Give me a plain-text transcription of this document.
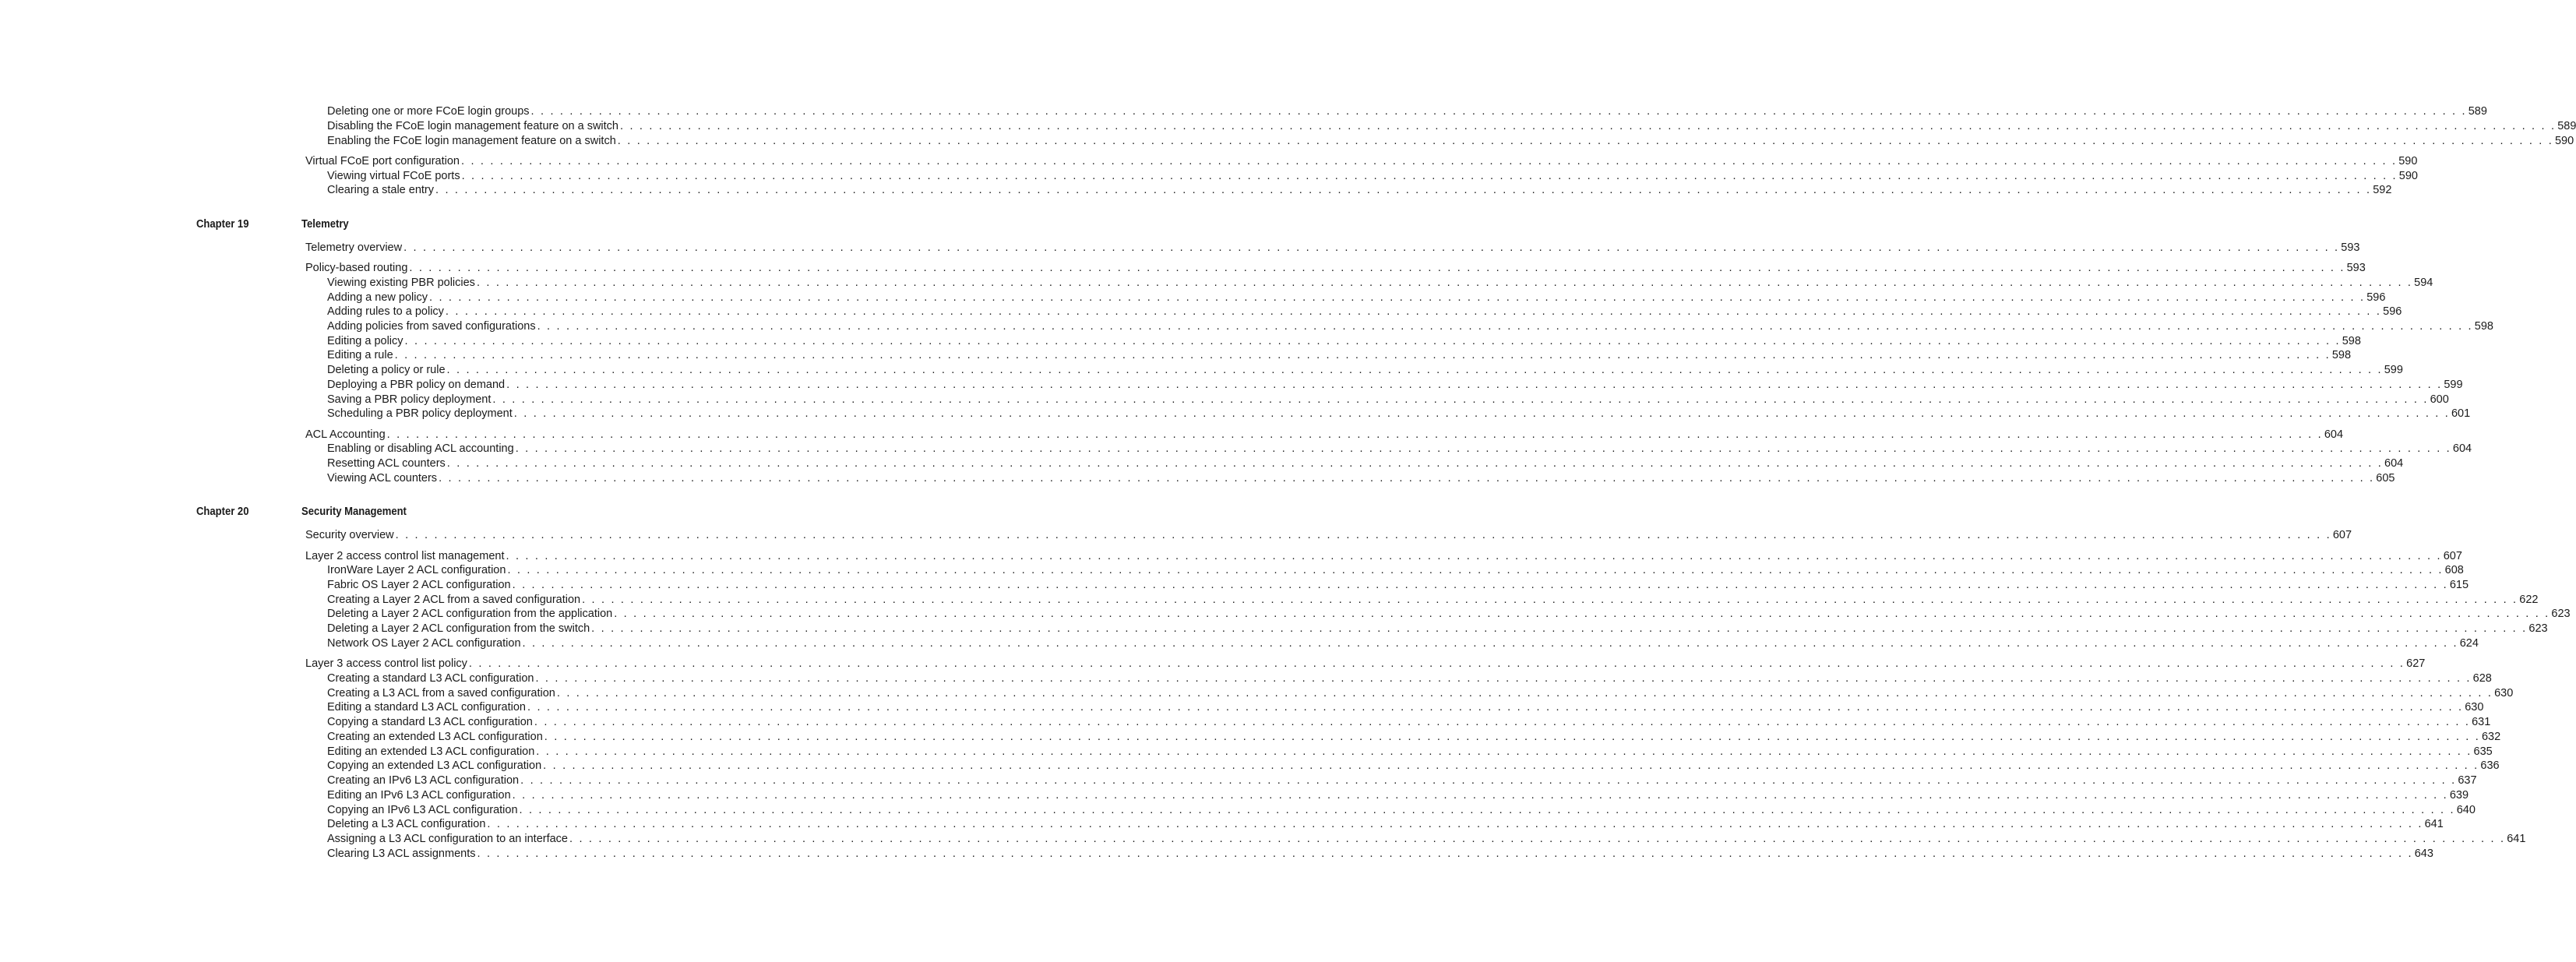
Deleting one or more FCoE login groups . . . . . . . . . . . . . . . . . . . . . . . . . . . . . . . . . . . . . . . . . . . . . . . . . . . . . . . . . . . . . . . . . . . . . . . . . . . . . . . . . . . . . . . . . . . . . . . . . . . . . . . . . . . . . . . . . . . . . . . . . . . . . . . . . . . . . . . . . . . . . . . . . . . . . . . . . . . . . . . . . . . . . . . . . . . . . . . . . . . . . . . . . . . . . . . . . . . . . . . . 589
Disabling the FCoE login management feature on a switch . . . . . . . . . . . . . . . . . . . . . . . . . . . . . . . . . . . . . . . . . . . . . . . . . . . . . . . . . . . . . . . . . . . . . . . . . . . . . . . . . . . . . . . . . . . . . . . . . . . . . . . . . . . . . . . . . . . . . . . . . . . . . . . . . . . . . . . . . . . . . . . . . . . . . . . . . . . . . . . . . . . . . . . . . . . . . . . . . . . . . . . . . . . . . . . . . . . . . . . . 589
Enabling the FCoE login management feature on a switch . . . . . . . . . . . . . . . . . . . . . . . . . . . . . . . . . . . . . . . . . . . . . . . . . . . . . . . . . . . . . . . . . . . . . . . . . . . . . . . . . . . . . . . . . . . . . . . . . . . . . . . . . . . . . . . . . . . . . . . . . . . . . . . . . . . . . . . . . . . . . . . . . . . . . . . . . . . . . . . . . . . . . . . . . . . . . . . . . . . . . . . . . . . . . . . . . . . . . . . . 590
Virtual FCoE port configuration . . . . . . . . . . . . . . . . . . . . . . . . . . . . . . . . . . . . . . . . . . . . . . . . . . . . . . . . . . . . . . . . . . . . . . . . . . . . . . . . . . . . . . . . . . . . . . . . . . . . . . . . . . . . . . . . . . . . . . . . . . . . . . . . . . . . . . . . . . . . . . . . . . . . . . . . . . . . . . . . . . . . . . . . . . . . . . . . . . . . . . . . . . . . . . . . . . . . . . . . 590
Viewing virtual FCoE ports . . . . . . . . . . . . . . . . . . . . . . . . . . . . . . . . . . . . . . . . . . . . . . . . . . . . . . . . . . . . . . . . . . . . . . . . . . . . . . . . . . . . . . . . . . . . . . . . . . . . . . . . . . . . . . . . . . . . . . . . . . . . . . . . . . . . . . . . . . . . . . . . . . . . . . . . . . . . . . . . . . . . . . . . . . . . . . . . . . . . . . . . . . . . . . . . . . . . . . . . 590
Clearing a stale entry . . . . . . . . . . . . . . . . . . . . . . . . . . . . . . . . . . . . . . . . . . . . . . . . . . . . . . . . . . . . . . . . . . . . . . . . . . . . . . . . . . . . . . . . . . . . . . . . . . . . . . . . . . . . . . . . . . . . . . . . . . . . . . . . . . . . . . . . . . . . . . . . . . . . . . . . . . . . . . . . . . . . . . . . . . . . . . . . . . . . . . . . . . . . . . . . . . . . . . . . 592
Chapter 19	Telemetry
Telemetry overview . . . . . . . . . . . . . . . . . . . . . . . . . . . . . . . . . . . . . . . . . . . . . . . . . . . . . . . . . . . . . . . . . . . . . . . . . . . . . . . . . . . . . . . . . . . . . . . . . . . . . . . . . . . . . . . . . . . . . . . . . . . . . . . . . . . . . . . . . . . . . . . . . . . . . . . . . . . . . . . . . . . . . . . . . . . . . . . . . . . . . . . . . . . . . . . . . . . . . . . . 593
Policy-based routing . . . . . . . . . . . . . . . . . . . . . . . . . . . . . . . . . . . . . . . . . . . . . . . . . . . . . . . . . . . . . . . . . . . . . . . . . . . . . . . . . . . . . . . . . . . . . . . . . . . . . . . . . . . . . . . . . . . . . . . . . . . . . . . . . . . . . . . . . . . . . . . . . . . . . . . . . . . . . . . . . . . . . . . . . . . . . . . . . . . . . . . . . . . . . . . . . . . . . . . . 593
Viewing existing PBR policies . . . . . . . . . . . . . . . . . . . . . . . . . . . . . . . . . . . . . . . . . . . . . . . . . . . . . . . . . . . . . . . . . . . . . . . . . . . . . . . . . . . . . . . . . . . . . . . . . . . . . . . . . . . . . . . . . . . . . . . . . . . . . . . . . . . . . . . . . . . . . . . . . . . . . . . . . . . . . . . . . . . . . . . . . . . . . . . . . . . . . . . . . . . . . . . . . . . . . . . . 594
Adding a new policy . . . . . . . . . . . . . . . . . . . . . . . . . . . . . . . . . . . . . . . . . . . . . . . . . . . . . . . . . . . . . . . . . . . . . . . . . . . . . . . . . . . . . . . . . . . . . . . . . . . . . . . . . . . . . . . . . . . . . . . . . . . . . . . . . . . . . . . . . . . . . . . . . . . . . . . . . . . . . . . . . . . . . . . . . . . . . . . . . . . . . . . . . . . . . . . . . . . . . . . . 596
Adding rules to a policy . . . . . . . . . . . . . . . . . . . . . . . . . . . . . . . . . . . . . . . . . . . . . . . . . . . . . . . . . . . . . . . . . . . . . . . . . . . . . . . . . . . . . . . . . . . . . . . . . . . . . . . . . . . . . . . . . . . . . . . . . . . . . . . . . . . . . . . . . . . . . . . . . . . . . . . . . . . . . . . . . . . . . . . . . . . . . . . . . . . . . . . . . . . . . . . . . . . . . . . . 596
Adding policies from saved configurations . . . . . . . . . . . . . . . . . . . . . . . . . . . . . . . . . . . . . . . . . . . . . . . . . . . . . . . . . . . . . . . . . . . . . . . . . . . . . . . . . . . . . . . . . . . . . . . . . . . . . . . . . . . . . . . . . . . . . . . . . . . . . . . . . . . . . . . . . . . . . . . . . . . . . . . . . . . . . . . . . . . . . . . . . . . . . . . . . . . . . . . . . . . . . . . . . . . . . . . . 598
Editing a policy . . . . . . . . . . . . . . . . . . . . . . . . . . . . . . . . . . . . . . . . . . . . . . . . . . . . . . . . . . . . . . . . . . . . . . . . . . . . . . . . . . . . . . . . . . . . . . . . . . . . . . . . . . . . . . . . . . . . . . . . . . . . . . . . . . . . . . . . . . . . . . . . . . . . . . . . . . . . . . . . . . . . . . . . . . . . . . . . . . . . . . . . . . . . . . . . . . . . . . . . 598
Editing a rule . . . . . . . . . . . . . . . . . . . . . . . . . . . . . . . . . . . . . . . . . . . . . . . . . . . . . . . . . . . . . . . . . . . . . . . . . . . . . . . . . . . . . . . . . . . . . . . . . . . . . . . . . . . . . . . . . . . . . . . . . . . . . . . . . . . . . . . . . . . . . . . . . . . . . . . . . . . . . . . . . . . . . . . . . . . . . . . . . . . . . . . . . . . . . . . . . . . . . . . . 598
Deleting a policy or rule . . . . . . . . . . . . . . . . . . . . . . . . . . . . . . . . . . . . . . . . . . . . . . . . . . . . . . . . . . . . . . . . . . . . . . . . . . . . . . . . . . . . . . . . . . . . . . . . . . . . . . . . . . . . . . . . . . . . . . . . . . . . . . . . . . . . . . . . . . . . . . . . . . . . . . . . . . . . . . . . . . . . . . . . . . . . . . . . . . . . . . . . . . . . . . . . . . . . . . . . 599
Deploying a PBR policy on demand . . . . . . . . . . . . . . . . . . . . . . . . . . . . . . . . . . . . . . . . . . . . . . . . . . . . . . . . . . . . . . . . . . . . . . . . . . . . . . . . . . . . . . . . . . . . . . . . . . . . . . . . . . . . . . . . . . . . . . . . . . . . . . . . . . . . . . . . . . . . . . . . . . . . . . . . . . . . . . . . . . . . . . . . . . . . . . . . . . . . . . . . . . . . . . . . . . . . . . . . 599
Saving a PBR policy deployment . . . . . . . . . . . . . . . . . . . . . . . . . . . . . . . . . . . . . . . . . . . . . . . . . . . . . . . . . . . . . . . . . . . . . . . . . . . . . . . . . . . . . . . . . . . . . . . . . . . . . . . . . . . . . . . . . . . . . . . . . . . . . . . . . . . . . . . . . . . . . . . . . . . . . . . . . . . . . . . . . . . . . . . . . . . . . . . . . . . . . . . . . . . . . . . . . . . . . . . . 600
Scheduling a PBR policy deployment . . . . . . . . . . . . . . . . . . . . . . . . . . . . . . . . . . . . . . . . . . . . . . . . . . . . . . . . . . . . . . . . . . . . . . . . . . . . . . . . . . . . . . . . . . . . . . . . . . . . . . . . . . . . . . . . . . . . . . . . . . . . . . . . . . . . . . . . . . . . . . . . . . . . . . . . . . . . . . . . . . . . . . . . . . . . . . . . . . . . . . . . . . . . . . . . . . . . . . . . 601
ACL Accounting . . . . . . . . . . . . . . . . . . . . . . . . . . . . . . . . . . . . . . . . . . . . . . . . . . . . . . . . . . . . . . . . . . . . . . . . . . . . . . . . . . . . . . . . . . . . . . . . . . . . . . . . . . . . . . . . . . . . . . . . . . . . . . . . . . . . . . . . . . . . . . . . . . . . . . . . . . . . . . . . . . . . . . . . . . . . . . . . . . . . . . . . . . . . . . . . . . . . . . . . 604
Enabling or disabling ACL accounting . . . . . . . . . . . . . . . . . . . . . . . . . . . . . . . . . . . . . . . . . . . . . . . . . . . . . . . . . . . . . . . . . . . . . . . . . . . . . . . . . . . . . . . . . . . . . . . . . . . . . . . . . . . . . . . . . . . . . . . . . . . . . . . . . . . . . . . . . . . . . . . . . . . . . . . . . . . . . . . . . . . . . . . . . . . . . . . . . . . . . . . . . . . . . . . . . . . . . . . . 604
Resetting ACL counters . . . . . . . . . . . . . . . . . . . . . . . . . . . . . . . . . . . . . . . . . . . . . . . . . . . . . . . . . . . . . . . . . . . . . . . . . . . . . . . . . . . . . . . . . . . . . . . . . . . . . . . . . . . . . . . . . . . . . . . . . . . . . . . . . . . . . . . . . . . . . . . . . . . . . . . . . . . . . . . . . . . . . . . . . . . . . . . . . . . . . . . . . . . . . . . . . . . . . . . . 604
Viewing ACL counters . . . . . . . . . . . . . . . . . . . . . . . . . . . . . . . . . . . . . . . . . . . . . . . . . . . . . . . . . . . . . . . . . . . . . . . . . . . . . . . . . . . . . . . . . . . . . . . . . . . . . . . . . . . . . . . . . . . . . . . . . . . . . . . . . . . . . . . . . . . . . . . . . . . . . . . . . . . . . . . . . . . . . . . . . . . . . . . . . . . . . . . . . . . . . . . . . . . . . . . . 605
Chapter 20	Security Management
Security overview . . . . . . . . . . . . . . . . . . . . . . . . . . . . . . . . . . . . . . . . . . . . . . . . . . . . . . . . . . . . . . . . . . . . . . . . . . . . . . . . . . . . . . . . . . . . . . . . . . . . . . . . . . . . . . . . . . . . . . . . . . . . . . . . . . . . . . . . . . . . . . . . . . . . . . . . . . . . . . . . . . . . . . . . . . . . . . . . . . . . . . . . . . . . . . . . . . . . . . . . 607
Layer 2 access control list management . . . . . . . . . . . . . . . . . . . . . . . . . . . . . . . . . . . . . . . . . . . . . . . . . . . . . . . . . . . . . . . . . . . . . . . . . . . . . . . . . . . . . . . . . . . . . . . . . . . . . . . . . . . . . . . . . . . . . . . . . . . . . . . . . . . . . . . . . . . . . . . . . . . . . . . . . . . . . . . . . . . . . . . . . . . . . . . . . . . . . . . . . . . . . . . . . . . . . . . . 607
IronWare Layer 2 ACL configuration . . . . . . . . . . . . . . . . . . . . . . . . . . . . . . . . . . . . . . . . . . . . . . . . . . . . . . . . . . . . . . . . . . . . . . . . . . . . . . . . . . . . . . . . . . . . . . . . . . . . . . . . . . . . . . . . . . . . . . . . . . . . . . . . . . . . . . . . . . . . . . . . . . . . . . . . . . . . . . . . . . . . . . . . . . . . . . . . . . . . . . . . . . . . . . . . . . . . . . . . 608
Fabric OS Layer 2 ACL configuration . . . . . . . . . . . . . . . . . . . . . . . . . . . . . . . . . . . . . . . . . . . . . . . . . . . . . . . . . . . . . . . . . . . . . . . . . . . . . . . . . . . . . . . . . . . . . . . . . . . . . . . . . . . . . . . . . . . . . . . . . . . . . . . . . . . . . . . . . . . . . . . . . . . . . . . . . . . . . . . . . . . . . . . . . . . . . . . . . . . . . . . . . . . . . . . . . . . . . . . . 615
Creating a Layer 2 ACL from a saved configuration . . . . . . . . . . . . . . . . . . . . . . . . . . . . . . . . . . . . . . . . . . . . . . . . . . . . . . . . . . . . . . . . . . . . . . . . . . . . . . . . . . . . . . . . . . . . . . . . . . . . . . . . . . . . . . . . . . . . . . . . . . . . . . . . . . . . . . . . . . . . . . . . . . . . . . . . . . . . . . . . . . . . . . . . . . . . . . . . . . . . . . . . . . . . . . . . . . . . . . . . 622
Deleting a Layer 2 ACL configuration from the application . . . . . . . . . . . . . . . . . . . . . . . . . . . . . . . . . . . . . . . . . . . . . . . . . . . . . . . . . . . . . . . . . . . . . . . . . . . . . . . . . . . . . . . . . . . . . . . . . . . . . . . . . . . . . . . . . . . . . . . . . . . . . . . . . . . . . . . . . . . . . . . . . . . . . . . . . . . . . . . . . . . . . . . . . . . . . . . . . . . . . . . . . . . . . . . . . . . . . . . . 623
Deleting a Layer 2 ACL configuration from the switch . . . . . . . . . . . . . . . . . . . . . . . . . . . . . . . . . . . . . . . . . . . . . . . . . . . . . . . . . . . . . . . . . . . . . . . . . . . . . . . . . . . . . . . . . . . . . . . . . . . . . . . . . . . . . . . . . . . . . . . . . . . . . . . . . . . . . . . . . . . . . . . . . . . . . . . . . . . . . . . . . . . . . . . . . . . . . . . . . . . . . . . . . . . . . . . . . . . . . . . . 623
Network OS Layer 2 ACL configuration . . . . . . . . . . . . . . . . . . . . . . . . . . . . . . . . . . . . . . . . . . . . . . . . . . . . . . . . . . . . . . . . . . . . . . . . . . . . . . . . . . . . . . . . . . . . . . . . . . . . . . . . . . . . . . . . . . . . . . . . . . . . . . . . . . . . . . . . . . . . . . . . . . . . . . . . . . . . . . . . . . . . . . . . . . . . . . . . . . . . . . . . . . . . . . . . . . . . . . . . 624
Layer 3 access control list policy . . . . . . . . . . . . . . . . . . . . . . . . . . . . . . . . . . . . . . . . . . . . . . . . . . . . . . . . . . . . . . . . . . . . . . . . . . . . . . . . . . . . . . . . . . . . . . . . . . . . . . . . . . . . . . . . . . . . . . . . . . . . . . . . . . . . . . . . . . . . . . . . . . . . . . . . . . . . . . . . . . . . . . . . . . . . . . . . . . . . . . . . . . . . . . . . . . . . . . . . 627
Creating a standard L3 ACL configuration . . . . . . . . . . . . . . . . . . . . . . . . . . . . . . . . . . . . . . . . . . . . . . . . . . . . . . . . . . . . . . . . . . . . . . . . . . . . . . . . . . . . . . . . . . . . . . . . . . . . . . . . . . . . . . . . . . . . . . . . . . . . . . . . . . . . . . . . . . . . . . . . . . . . . . . . . . . . . . . . . . . . . . . . . . . . . . . . . . . . . . . . . . . . . . . . . . . . . . . . 628
Creating a L3 ACL from a saved configuration . . . . . . . . . . . . . . . . . . . . . . . . . . . . . . . . . . . . . . . . . . . . . . . . . . . . . . . . . . . . . . . . . . . . . . . . . . . . . . . . . . . . . . . . . . . . . . . . . . . . . . . . . . . . . . . . . . . . . . . . . . . . . . . . . . . . . . . . . . . . . . . . . . . . . . . . . . . . . . . . . . . . . . . . . . . . . . . . . . . . . . . . . . . . . . . . . . . . . . . . 630
Editing a standard L3 ACL configuration . . . . . . . . . . . . . . . . . . . . . . . . . . . . . . . . . . . . . . . . . . . . . . . . . . . . . . . . . . . . . . . . . . . . . . . . . . . . . . . . . . . . . . . . . . . . . . . . . . . . . . . . . . . . . . . . . . . . . . . . . . . . . . . . . . . . . . . . . . . . . . . . . . . . . . . . . . . . . . . . . . . . . . . . . . . . . . . . . . . . . . . . . . . . . . . . . . . . . . . . 630
Copying a standard L3 ACL configuration . . . . . . . . . . . . . . . . . . . . . . . . . . . . . . . . . . . . . . . . . . . . . . . . . . . . . . . . . . . . . . . . . . . . . . . . . . . . . . . . . . . . . . . . . . . . . . . . . . . . . . . . . . . . . . . . . . . . . . . . . . . . . . . . . . . . . . . . . . . . . . . . . . . . . . . . . . . . . . . . . . . . . . . . . . . . . . . . . . . . . . . . . . . . . . . . . . . . . . . . 631
Creating an extended L3 ACL configuration . . . . . . . . . . . . . . . . . . . . . . . . . . . . . . . . . . . . . . . . . . . . . . . . . . . . . . . . . . . . . . . . . . . . . . . . . . . . . . . . . . . . . . . . . . . . . . . . . . . . . . . . . . . . . . . . . . . . . . . . . . . . . . . . . . . . . . . . . . . . . . . . . . . . . . . . . . . . . . . . . . . . . . . . . . . . . . . . . . . . . . . . . . . . . . . . . . . . . . . . 632
Editing an extended L3 ACL configuration . . . . . . . . . . . . . . . . . . . . . . . . . . . . . . . . . . . . . . . . . . . . . . . . . . . . . . . . . . . . . . . . . . . . . . . . . . . . . . . . . . . . . . . . . . . . . . . . . . . . . . . . . . . . . . . . . . . . . . . . . . . . . . . . . . . . . . . . . . . . . . . . . . . . . . . . . . . . . . . . . . . . . . . . . . . . . . . . . . . . . . . . . . . . . . . . . . . . . . . . 635
Copying an extended L3 ACL configuration . . . . . . . . . . . . . . . . . . . . . . . . . . . . . . . . . . . . . . . . . . . . . . . . . . . . . . . . . . . . . . . . . . . . . . . . . . . . . . . . . . . . . . . . . . . . . . . . . . . . . . . . . . . . . . . . . . . . . . . . . . . . . . . . . . . . . . . . . . . . . . . . . . . . . . . . . . . . . . . . . . . . . . . . . . . . . . . . . . . . . . . . . . . . . . . . . . . . . . . . 636
Creating an IPv6 L3 ACL configuration . . . . . . . . . . . . . . . . . . . . . . . . . . . . . . . . . . . . . . . . . . . . . . . . . . . . . . . . . . . . . . . . . . . . . . . . . . . . . . . . . . . . . . . . . . . . . . . . . . . . . . . . . . . . . . . . . . . . . . . . . . . . . . . . . . . . . . . . . . . . . . . . . . . . . . . . . . . . . . . . . . . . . . . . . . . . . . . . . . . . . . . . . . . . . . . . . . . . . . . . 637
Editing an IPv6 L3 ACL configuration . . . . . . . . . . . . . . . . . . . . . . . . . . . . . . . . . . . . . . . . . . . . . . . . . . . . . . . . . . . . . . . . . . . . . . . . . . . . . . . . . . . . . . . . . . . . . . . . . . . . . . . . . . . . . . . . . . . . . . . . . . . . . . . . . . . . . . . . . . . . . . . . . . . . . . . . . . . . . . . . . . . . . . . . . . . . . . . . . . . . . . . . . . . . . . . . . . . . . . . . 639
Copying an IPv6 L3 ACL configuration . . . . . . . . . . . . . . . . . . . . . . . . . . . . . . . . . . . . . . . . . . . . . . . . . . . . . . . . . . . . . . . . . . . . . . . . . . . . . . . . . . . . . . . . . . . . . . . . . . . . . . . . . . . . . . . . . . . . . . . . . . . . . . . . . . . . . . . . . . . . . . . . . . . . . . . . . . . . . . . . . . . . . . . . . . . . . . . . . . . . . . . . . . . . . . . . . . . . . . . . 640
Deleting a L3 ACL configuration . . . . . . . . . . . . . . . . . . . . . . . . . . . . . . . . . . . . . . . . . . . . . . . . . . . . . . . . . . . . . . . . . . . . . . . . . . . . . . . . . . . . . . . . . . . . . . . . . . . . . . . . . . . . . . . . . . . . . . . . . . . . . . . . . . . . . . . . . . . . . . . . . . . . . . . . . . . . . . . . . . . . . . . . . . . . . . . . . . . . . . . . . . . . . . . . . . . . . . . . 641
Assigning a L3 ACL configuration to an interface . . . . . . . . . . . . . . . . . . . . . . . . . . . . . . . . . . . . . . . . . . . . . . . . . . . . . . . . . . . . . . . . . . . . . . . . . . . . . . . . . . . . . . . . . . . . . . . . . . . . . . . . . . . . . . . . . . . . . . . . . . . . . . . . . . . . . . . . . . . . . . . . . . . . . . . . . . . . . . . . . . . . . . . . . . . . . . . . . . . . . . . . . . . . . . . . . . . . . . . . 641
Clearing L3 ACL assignments . . . . . . . . . . . . . . . . . . . . . . . . . . . . . . . . . . . . . . . . . . . . . . . . . . . . . . . . . . . . . . . . . . . . . . . . . . . . . . . . . . . . . . . . . . . . . . . . . . . . . . . . . . . . . . . . . . . . . . . . . . . . . . . . . . . . . . . . . . . . . . . . . . . . . . . . . . . . . . . . . . . . . . . . . . . . . . . . . . . . . . . . . . . . . . . . . . . . . . . . 643
